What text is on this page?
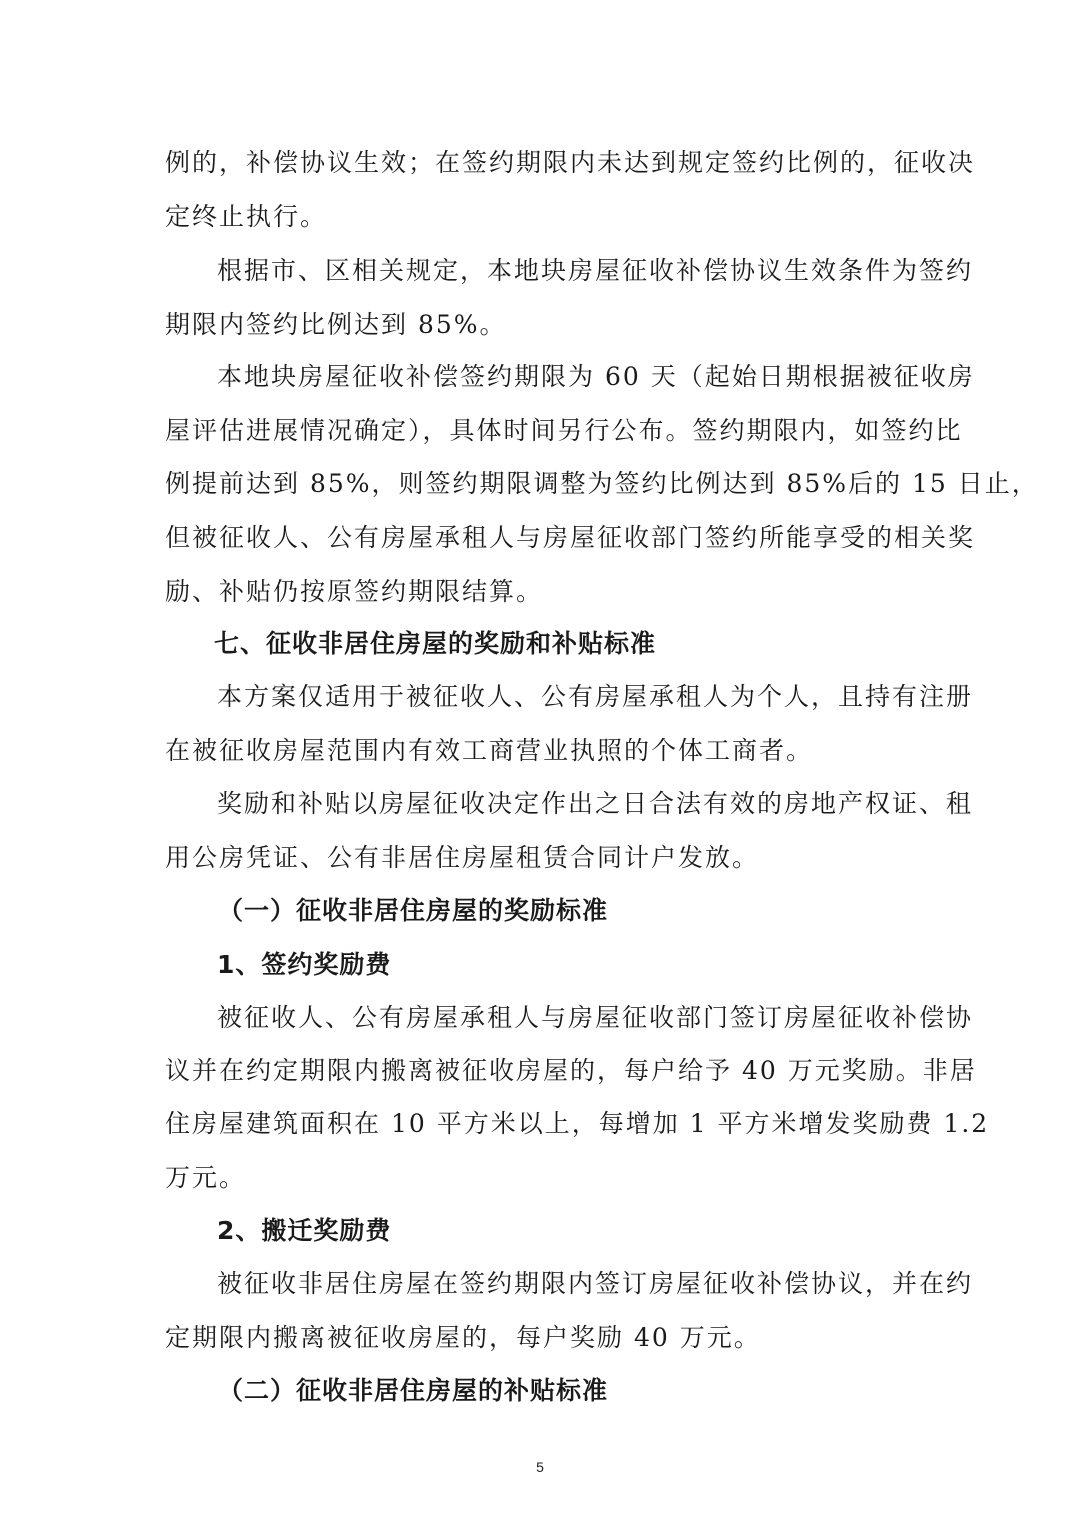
例的，补偿协议生效；在签约期限内未达到规定签约比例的，征收决
定终止执行。
根据市、区相关规定，本地块房屋征收补偿协议生效条件为签约
期限内签约比例达到 85%。
本地块房屋征收补偿签约期限为 60 天（起始日期根据被征收房
屋评估进展情况确定），具体时间另行公布。签约期限内，如签约比
例提前达到 85%，则签约期限调整为签约比例达到 85%后的 15 日止，
但被征收人、公有房屋承租人与房屋征收部门签约所能享受的相关奖
励、补贴仍按原签约期限结算。
七、征收非居住房屋的奖励和补贴标准
本方案仅适用于被征收人、公有房屋承租人为个人，且持有注册
在被征收房屋范围内有效工商营业执照的个体工商者。
奖励和补贴以房屋征收决定作出之日合法有效的房地产权证、租
用公房凭证、公有非居住房屋租赁合同计户发放。
（一）征收非居住房屋的奖励标准
1、签约奖励费
被征收人、公有房屋承租人与房屋征收部门签订房屋征收补偿协
议并在约定期限内搬离被征收房屋的，每户给予 40 万元奖励。非居
住房屋建筑面积在 10 平方米以上，每增加 1 平方米增发奖励费 1.2
万元。
2、搬迁奖励费
被征收非居住房屋在签约期限内签订房屋征收补偿协议，并在约
定期限内搬离被征收房屋的，每户奖励 40 万元。
（二）征收非居住房屋的补贴标准
5
